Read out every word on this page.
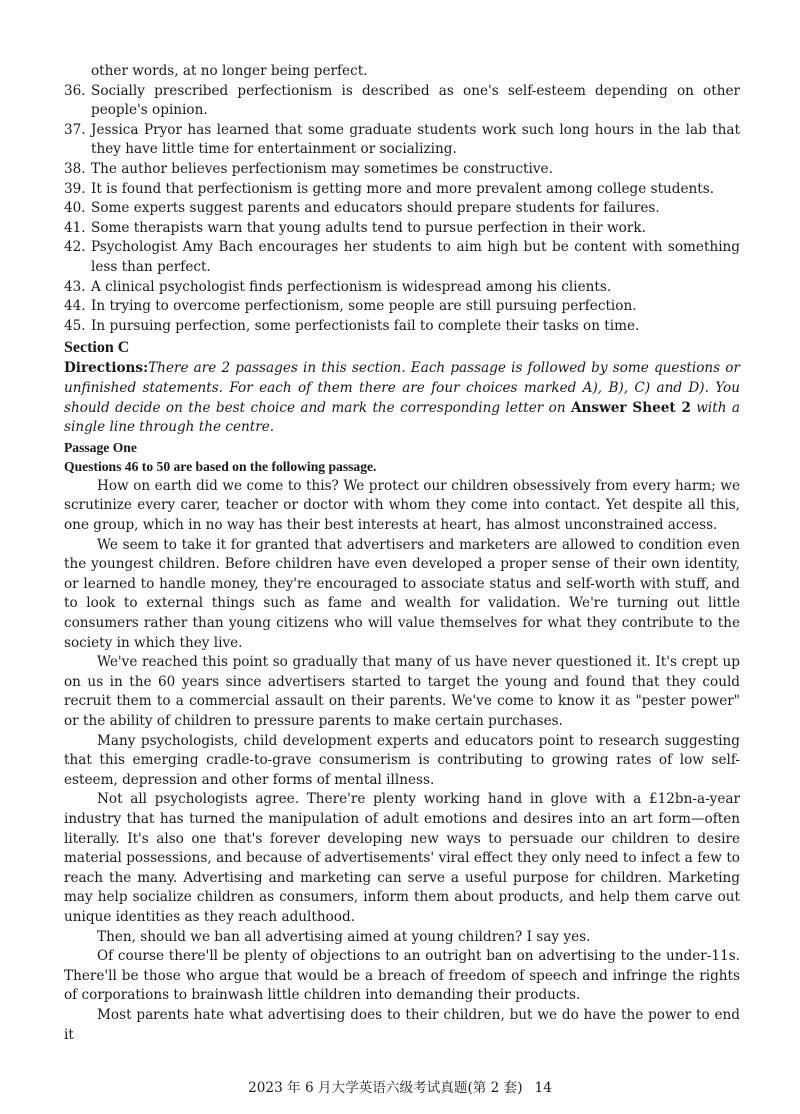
other words, at no longer being perfect.
36. Socially prescribed perfectionism is described as one's self-esteem depending on other people's opinion.
37. Jessica Pryor has learned that some graduate students work such long hours in the lab that they have little time for entertainment or socializing.
38. The author believes perfectionism may sometimes be constructive.
39. It is found that perfectionism is getting more and more prevalent among college students.
40. Some experts suggest parents and educators should prepare students for failures.
41. Some therapists warn that young adults tend to pursue perfection in their work.
42. Psychologist Amy Bach encourages her students to aim high but be content with something less than perfect.
43. A clinical psychologist finds perfectionism is widespread among his clients.
44. In trying to overcome perfectionism, some people are still pursuing perfection.
45. In pursuing perfection, some perfectionists fail to complete their tasks on time.
Section C
Directions:There are 2 passages in this section. Each passage is followed by some questions or unfinished statements. For each of them there are four choices marked A), B), C) and D). You should decide on the best choice and mark the corresponding letter on Answer Sheet 2 with a single line through the centre.
Passage One
Questions 46 to 50 are based on the following passage.
How on earth did we come to this? We protect our children obsessively from every harm; we scrutinize every carer, teacher or doctor with whom they come into contact. Yet despite all this, one group, which in no way has their best interests at heart, has almost unconstrained access.
We seem to take it for granted that advertisers and marketers are allowed to condition even the youngest children. Before children have even developed a proper sense of their own identity, or learned to handle money, they're encouraged to associate status and self-worth with stuff, and to look to external things such as fame and wealth for validation. We're turning out little consumers rather than young citizens who will value themselves for what they contribute to the society in which they live.
We've reached this point so gradually that many of us have never questioned it. It's crept up on us in the 60 years since advertisers started to target the young and found that they could recruit them to a commercial assault on their parents. We've come to know it as "pester power" or the ability of children to pressure parents to make certain purchases.
Many psychologists, child development experts and educators point to research suggesting that this emerging cradle-to-grave consumerism is contributing to growing rates of low self-esteem, depression and other forms of mental illness.
Not all psychologists agree. There're plenty working hand in glove with a £12bn-a-year industry that has turned the manipulation of adult emotions and desires into an art form—often literally. It's also one that's forever developing new ways to persuade our children to desire material possessions, and because of advertisements' viral effect they only need to infect a few to reach the many. Advertising and marketing can serve a useful purpose for children. Marketing may help socialize children as consumers, inform them about products, and help them carve out unique identities as they reach adulthood.
Then, should we ban all advertising aimed at young children? I say yes.
Of course there'll be plenty of objections to an outright ban on advertising to the under-11s. There'll be those who argue that would be a breach of freedom of speech and infringe the rights of corporations to brainwash little children into demanding their products.
Most parents hate what advertising does to their children, but we do have the power to end it
2023 年 6 月大学英语六级考试真题(第 2 套) 14
